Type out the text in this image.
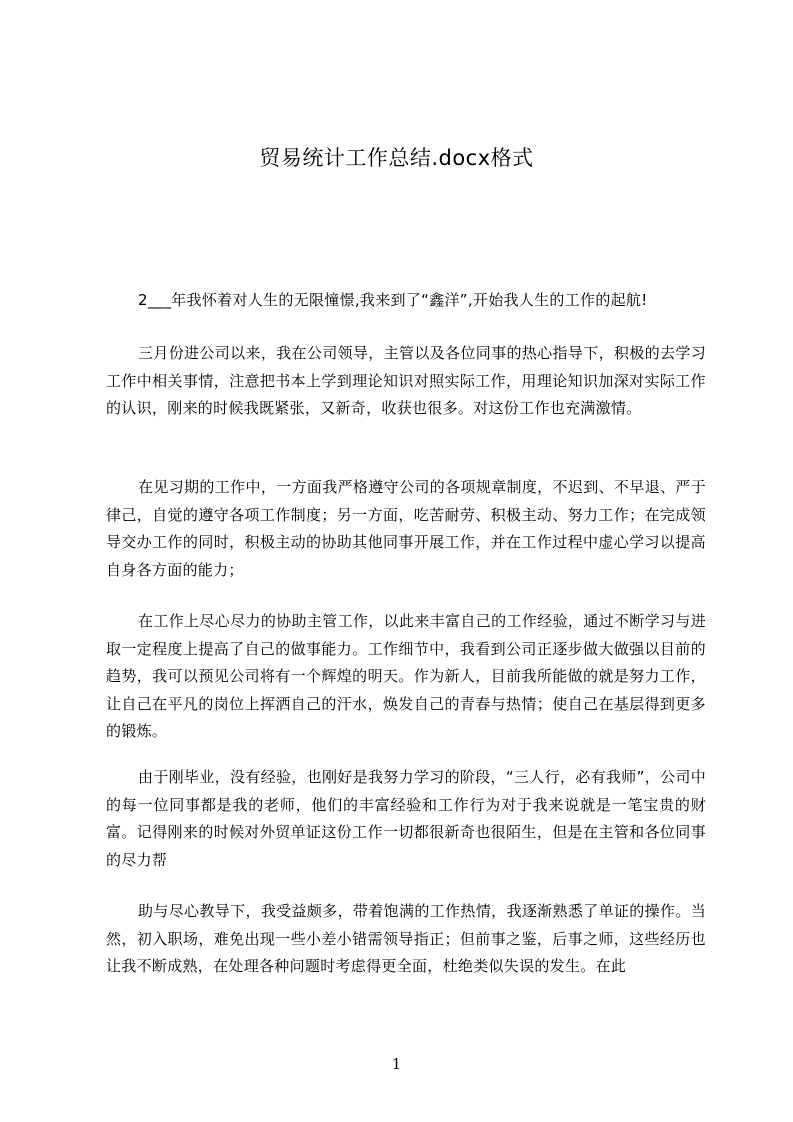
贸易统计工作总结.docx格式

2___年我怀着对人生的无限憧憬,我来到了“鑫洋”,开始我人生的工作的起航!

三月份进公司以来，我在公司领导，主管以及各位同事的热心指导下，积极的去学习工作中相关事情，注意把书本上学到理论知识对照实际工作，用理论知识加深对实际工作的认识，刚来的时候我既紧张，又新奇，收获也很多。对这份工作也充满激情。

在见习期的工作中，一方面我严格遵守公司的各项规章制度，不迟到、不早退、严于律己，自觉的遵守各项工作制度；另一方面，吃苦耐劳、积极主动、努力工作；在完成领导交办工作的同时，积极主动的协助其他同事开展工作，并在工作过程中虚心学习以提高自身各方面的能力；

在工作上尽心尽力的协助主管工作，以此来丰富自己的工作经验，通过不断学习与进取一定程度上提高了自己的做事能力。工作细节中，我看到公司正逐步做大做强以目前的趋势，我可以预见公司将有一个辉煌的明天。作为新人，目前我所能做的就是努力工作，让自己在平凡的岗位上挥洒自己的汗水，焕发自己的青春与热情；使自己在基层得到更多的锻炼。

由于刚毕业，没有经验，也刚好是我努力学习的阶段，“三人行，必有我师”，公司中的每一位同事都是我的老师，他们的丰富经验和工作行为对于我来说就是一笔宝贵的财富。记得刚来的时候对外贸单证这份工作一切都很新奇也很陌生，但是在主管和各位同事的尽力帮

助与尽心教导下，我受益颇多，带着饱满的工作热情，我逐渐熟悉了单证的操作。当然，初入职场，难免出现一些小差小错需领导指正；但前事之鉴，后事之师，这些经历也让我不断成熟，在处理各种问题时考虑得更全面，杜绝类似失误的发生。在此

1
